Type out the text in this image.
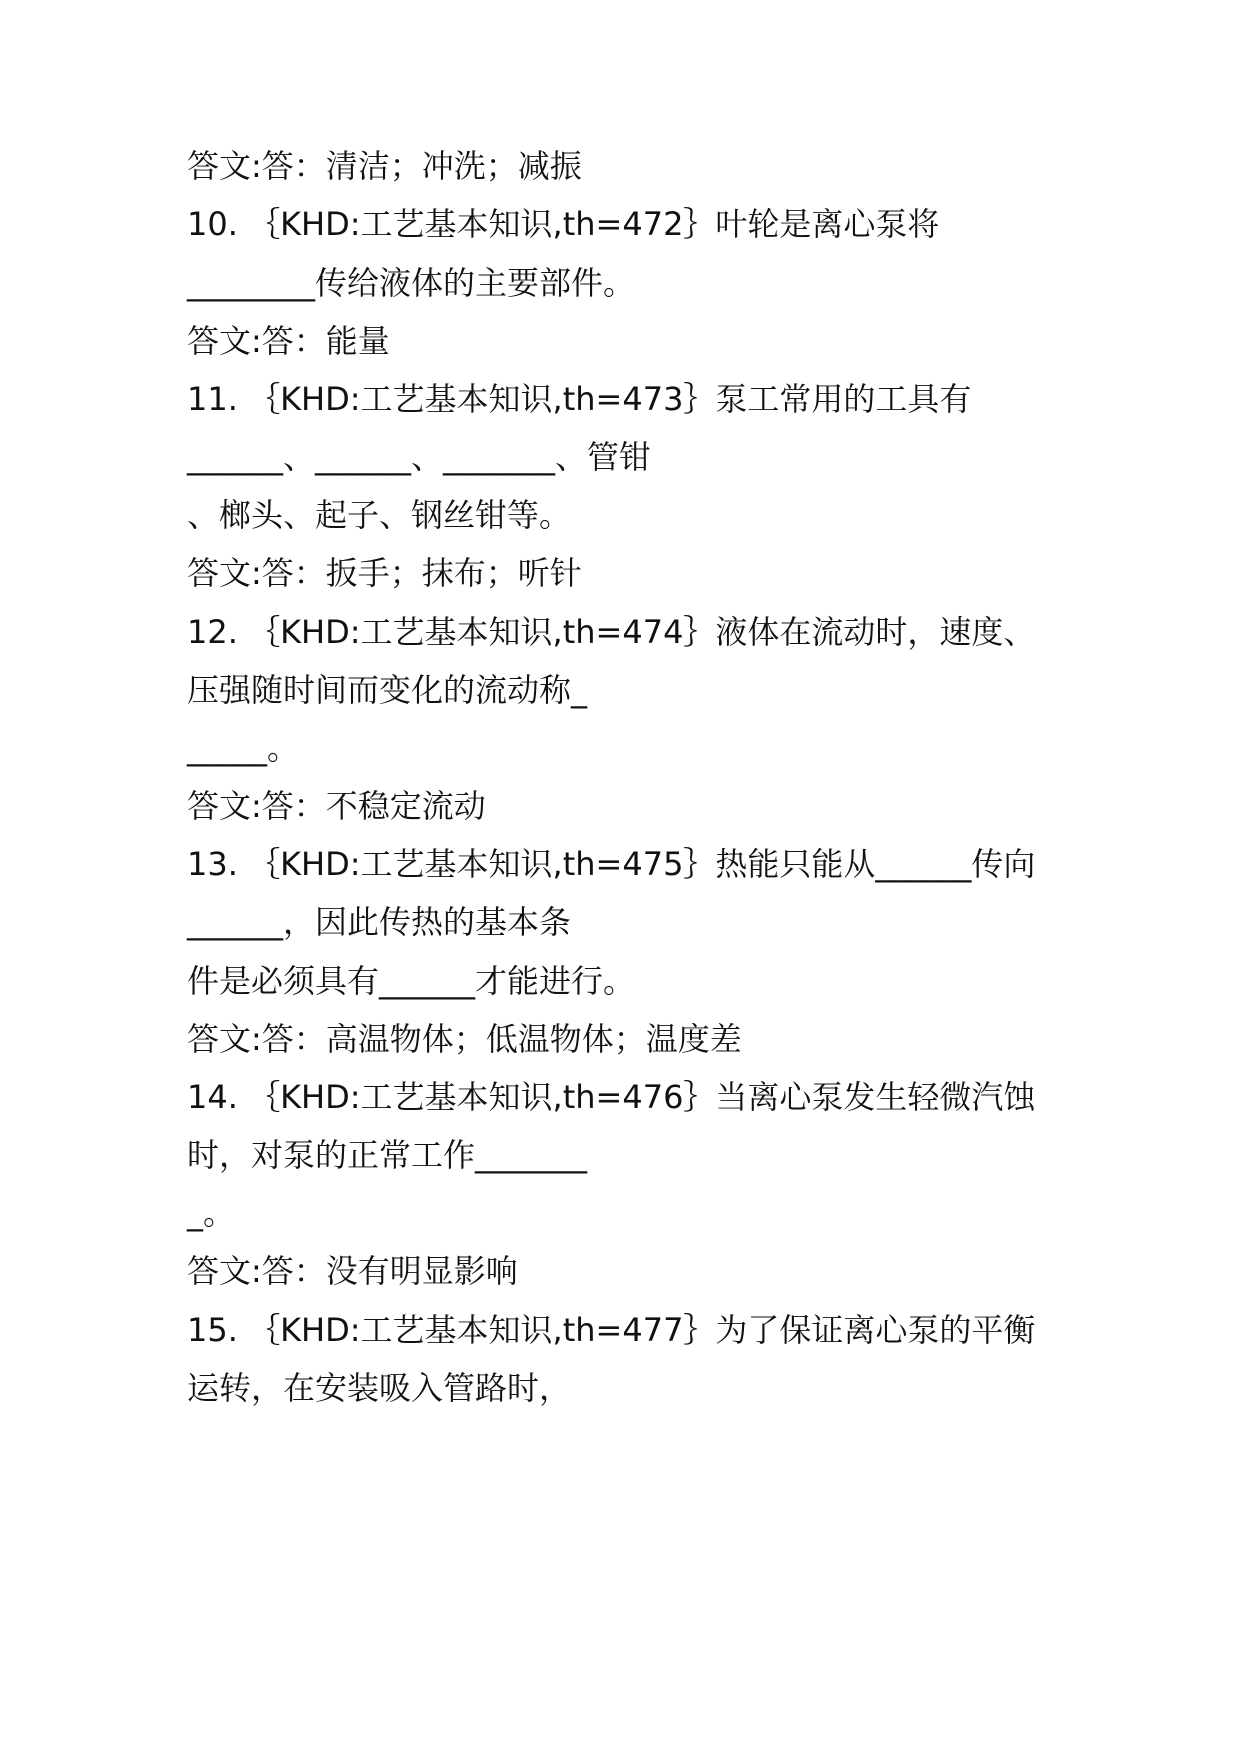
答文:答：清洁；冲洗；减振
10. ｛KHD:工艺基本知识,th=472｝叶轮是离心泵将
________传给液体的主要部件。
答文:答：能量
11. ｛KHD:工艺基本知识,th=473｝泵工常用的工具有
______、______、_______、管钳
、榔头、起子、钢丝钳等。
答文:答：扳手；抹布；听针
12. ｛KHD:工艺基本知识,th=474｝液体在流动时，速度、
压强随时间而变化的流动称_
_____。
答文:答：不稳定流动
13. ｛KHD:工艺基本知识,th=475｝热能只能从______传向
______，因此传热的基本条
件是必须具有______才能进行。
答文:答：高温物体；低温物体；温度差
14. ｛KHD:工艺基本知识,th=476｝当离心泵发生轻微汽蚀
时，对泵的正常工作_______
_。
答文:答：没有明显影响
15. ｛KHD:工艺基本知识,th=477｝为了保证离心泵的平衡
运转，在安装吸入管路时，
